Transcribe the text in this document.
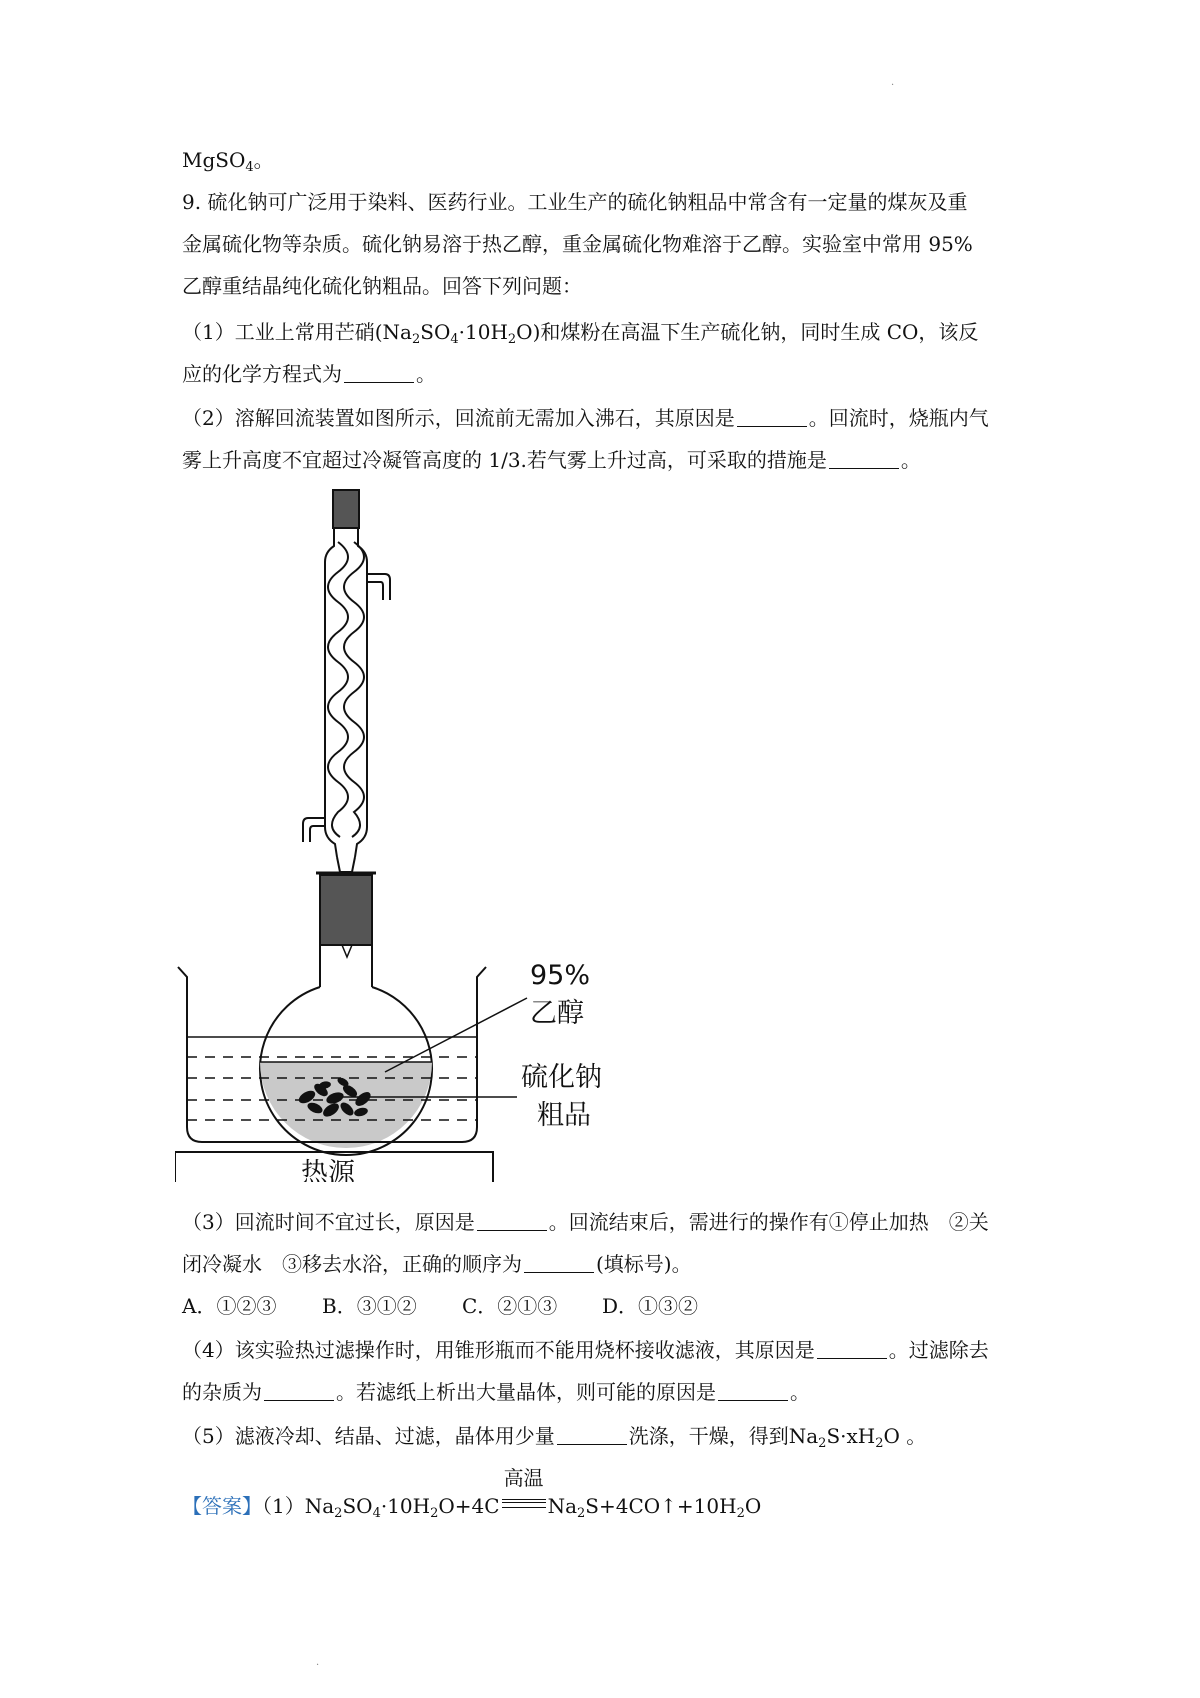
·
MgSO$_4$。
9. 硫化钠可广泛用于染料、医药行业。工业生产的硫化钠粗品中常含有一定量的煤灰及重
金属硫化物等杂质。硫化钠易溶于热乙醇，重金属硫化物难溶于乙醇。实验室中常用 95%
乙醇重结晶纯化硫化钠粗品。回答下列问题：
（1）工业上常用芒硝$(Na_2SO_4\cdot 10H_2O)$和煤粉在高温下生产硫化钠，同时生成 CO，该反
应的化学方程式为	。
（2）溶解回流装置如图所示，回流前无需加入沸石，其原因是	。回流时，烧瓶内气
雾上升高度不宜超过冷凝管高度的 1/3.若气雾上升过高，可采取的措施是	。
95%
乙醇
硫化钠
粗品
热源
（3）回流时间不宜过长，原因是	。回流结束后，需进行的操作有①停止加热　②关
闭冷凝水　③移去水浴，正确的顺序为	(填标号)。
A．①②③ B．③①② C．②①③ D．①③②
（4）该实验热过滤操作时，用锥形瓶而不能用烧杯接收滤液，其原因是	。过滤除去
的杂质为	。若滤纸上析出大量晶体，则可能的原因是	。
（5）滤液冷却、结晶、过滤，晶体用少量	洗涤，干燥，得到$Na_2S\cdot xH_2O$ 。
【答案】$(1)Na_2SO_4\cdot 10H_2O+4C$
高温
$Na_2S+4CO↑+10H_2O$
·
